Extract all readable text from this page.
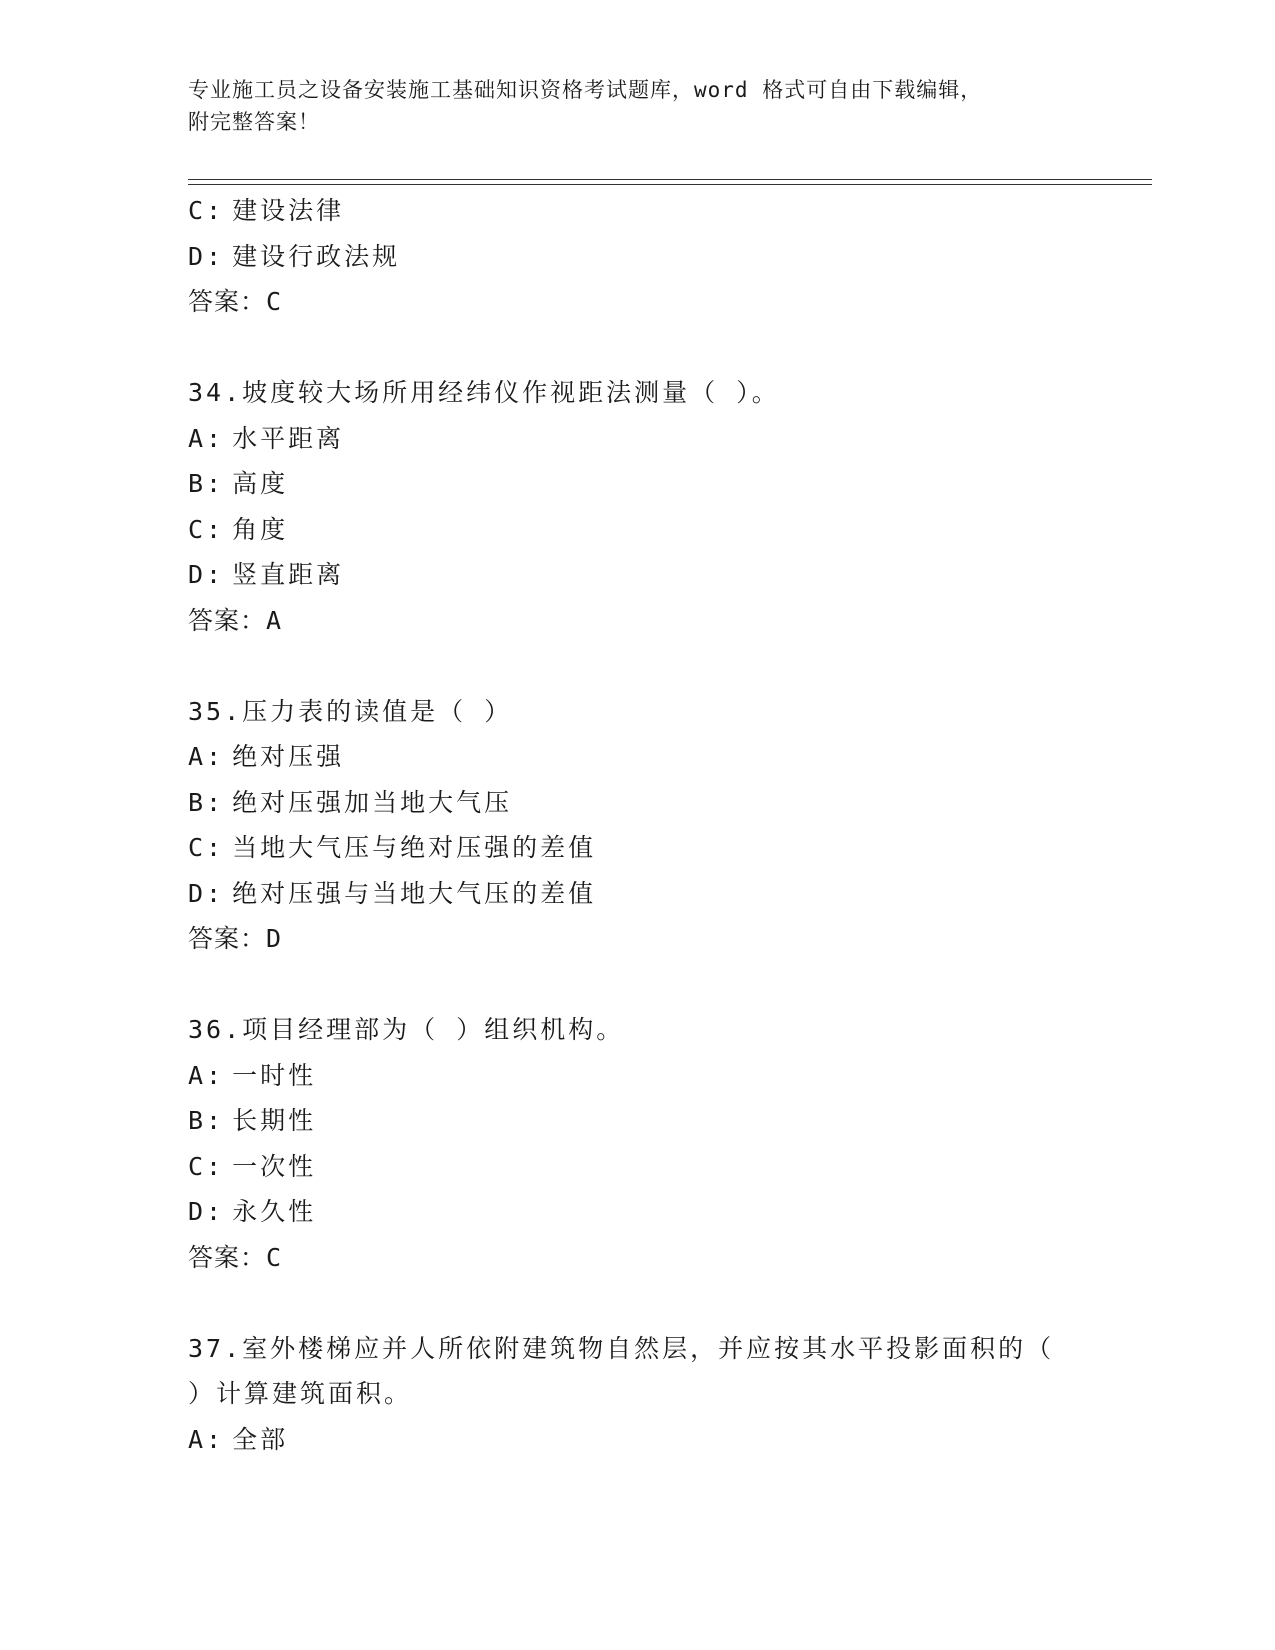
专业施工员之设备安装施工基础知识资格考试题库，word 格式可自由下载编辑，
附完整答案！
C: 建设法律
D: 建设行政法规
答案：C
34.坡度较大场所用经纬仪作视距法测量（ ）。
A: 水平距离
B: 高度
C: 角度
D: 竖直距离
答案：A
35.压力表的读值是（ ）
A: 绝对压强
B: 绝对压强加当地大气压
C: 当地大气压与绝对压强的差值
D: 绝对压强与当地大气压的差值
答案：D
36.项目经理部为（ ）组织机构。
A: 一时性
B: 长期性
C: 一次性
D: 永久性
答案：C
37.室外楼梯应并人所依附建筑物自然层，并应按其水平投影面积的（
）计算建筑面积。
A: 全部
